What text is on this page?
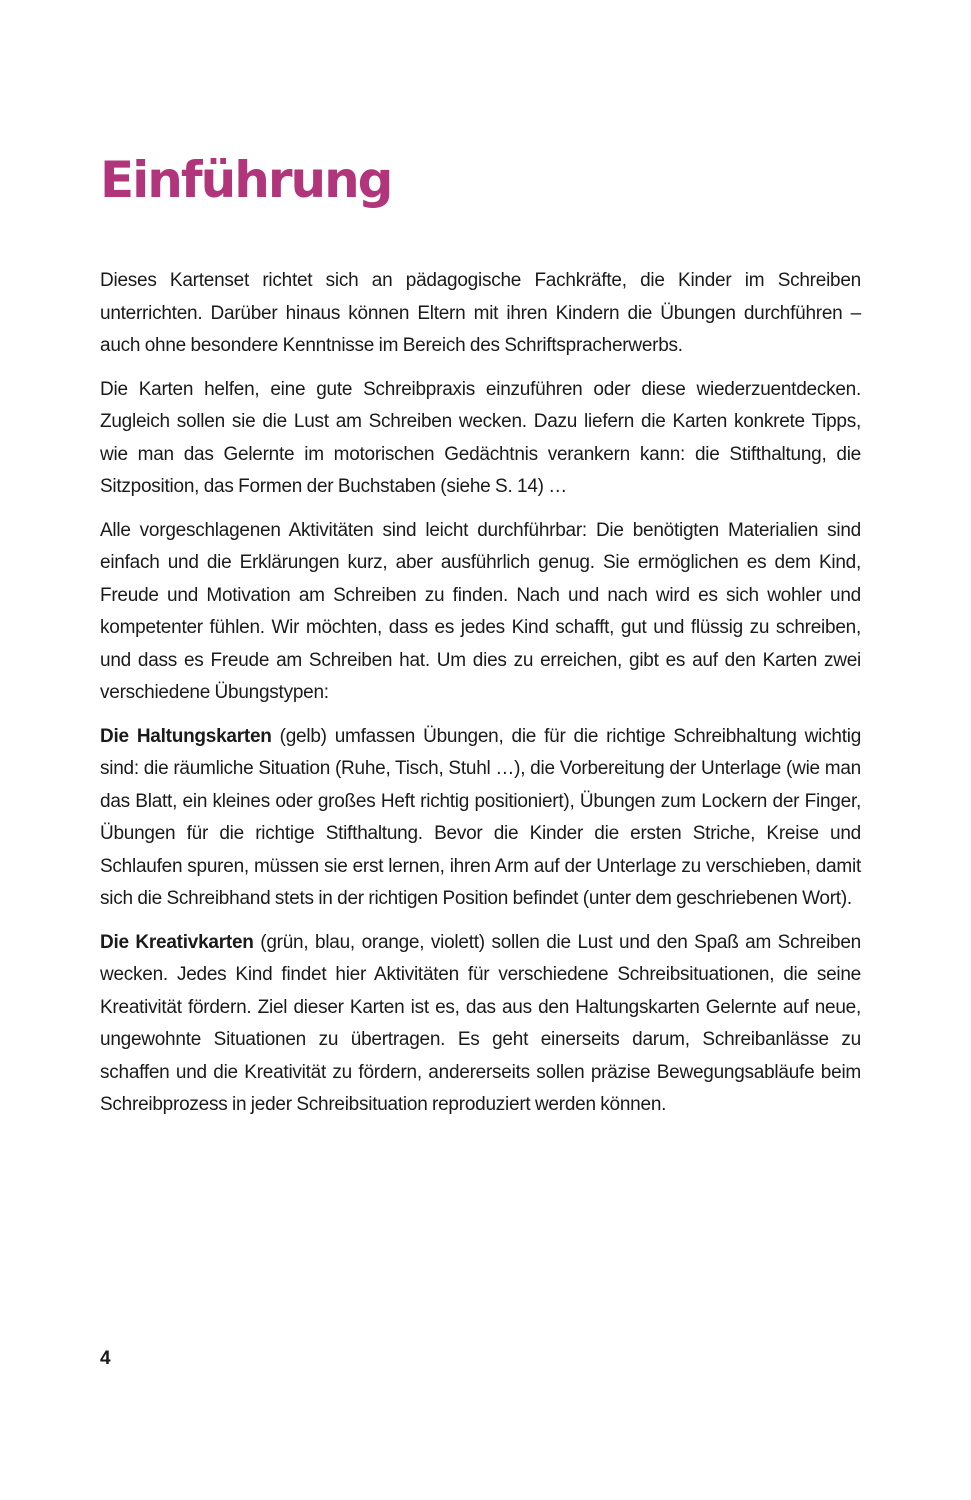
Einführung

Dieses Kartenset richtet sich an pädagogische Fachkräfte, die Kinder im Schreiben unterrichten. Darüber hinaus können Eltern mit ihren Kindern die Übungen durchführen – auch ohne besondere Kenntnisse im Bereich des Schriftspracherwerbs.

Die Karten helfen, eine gute Schreibpraxis einzuführen oder diese wiederzuentdecken. Zugleich sollen sie die Lust am Schreiben wecken. Dazu liefern die Karten konkrete Tipps, wie man das Gelernte im motorischen Gedächtnis verankern kann: die Stifthaltung, die Sitzposition, das Formen der Buchstaben (siehe S. 14) …

Alle vorgeschlagenen Aktivitäten sind leicht durchführbar: Die benötigten Materialien sind einfach und die Erklärungen kurz, aber ausführlich genug. Sie ermöglichen es dem Kind, Freude und Motivation am Schreiben zu finden. Nach und nach wird es sich wohler und kompetenter fühlen. Wir möchten, dass es jedes Kind schafft, gut und flüssig zu schreiben, und dass es Freude am Schreiben hat. Um dies zu erreichen, gibt es auf den Karten zwei verschiedene Übungstypen:

Die Haltungskarten (gelb) umfassen Übungen, die für die richtige Schreibhaltung wichtig sind: die räumliche Situation (Ruhe, Tisch, Stuhl …), die Vorbereitung der Unterlage (wie man das Blatt, ein kleines oder großes Heft richtig positioniert), Übungen zum Lockern der Finger, Übungen für die richtige Stifthaltung. Bevor die Kinder die ersten Striche, Kreise und Schlaufen spuren, müssen sie erst lernen, ihren Arm auf der Unterlage zu verschieben, damit sich die Schreibhand stets in der richtigen Position befindet (unter dem geschriebenen Wort).

Die Kreativkarten (grün, blau, orange, violett) sollen die Lust und den Spaß am Schreiben wecken. Jedes Kind findet hier Aktivitäten für verschiedene Schreibsituationen, die seine Kreativität fördern. Ziel dieser Karten ist es, das aus den Haltungskarten Gelernte auf neue, ungewohnte Situationen zu übertragen. Es geht einerseits darum, Schreibanlässe zu schaffen und die Kreativität zu fördern, andererseits sollen präzise Bewegungsabläufe beim Schreibprozess in jeder Schreibsituation reproduziert werden können.

4
